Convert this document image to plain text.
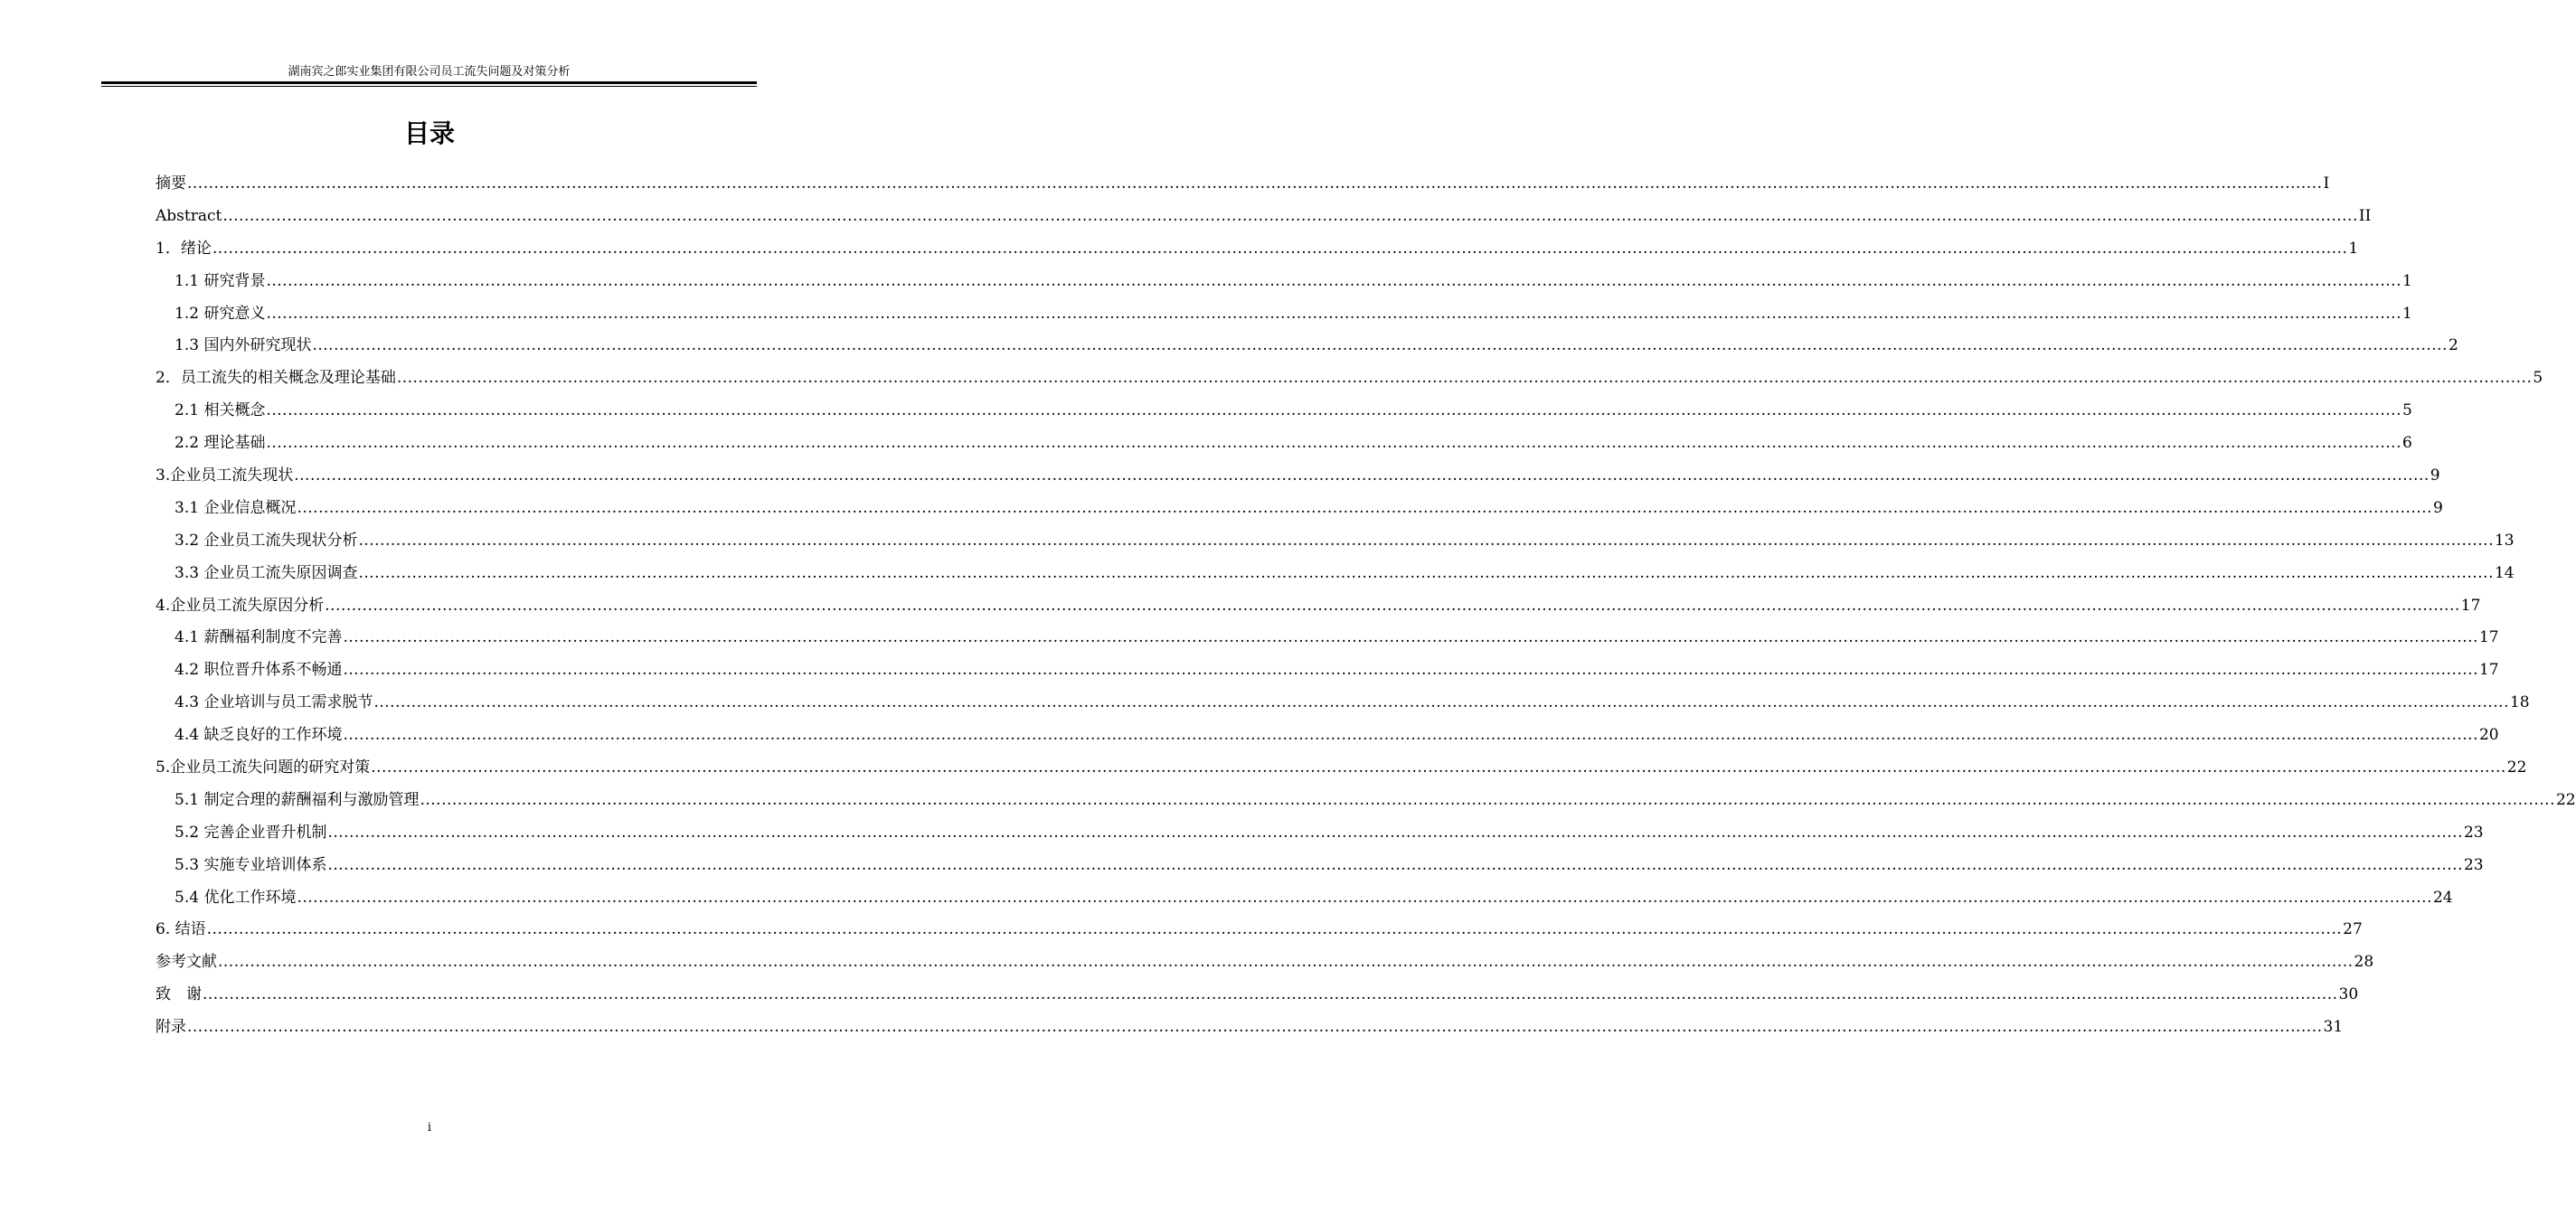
湖南宾之郎实业集团有限公司员工流失问题及对策分析
目录
摘要 ................................................................................................................................................................................................................................................................................................................................................................................................................ I
Abstract ................................................................................................................................................................................................................................................................................................................................................................................................................ II
1．绪论 ................................................................................................................................................................................................................................................................................................................................................................................................................ 1
1.1 研究背景 ................................................................................................................................................................................................................................................................................................................................................................................................................ 1
1.2 研究意义 ................................................................................................................................................................................................................................................................................................................................................................................................................ 1
1.3 国内外研究现状 ................................................................................................................................................................................................................................................................................................................................................................................................................ 2
2．员工流失的相关概念及理论基础 ................................................................................................................................................................................................................................................................................................................................................................................................................ 5
2.1 相关概念 ................................................................................................................................................................................................................................................................................................................................................................................................................ 5
2.2 理论基础 ................................................................................................................................................................................................................................................................................................................................................................................................................ 6
3.企业员工流失现状 ................................................................................................................................................................................................................................................................................................................................................................................................................ 9
3.1 企业信息概况 ................................................................................................................................................................................................................................................................................................................................................................................................................ 9
3.2 企业员工流失现状分析 ................................................................................................................................................................................................................................................................................................................................................................................................................ 13
3.3 企业员工流失原因调查 ................................................................................................................................................................................................................................................................................................................................................................................................................ 14
4.企业员工流失原因分析 ................................................................................................................................................................................................................................................................................................................................................................................................................ 17
4.1 薪酬福利制度不完善 ................................................................................................................................................................................................................................................................................................................................................................................................................ 17
4.2 职位晋升体系不畅通 ................................................................................................................................................................................................................................................................................................................................................................................................................ 17
4.3 企业培训与员工需求脱节 ................................................................................................................................................................................................................................................................................................................................................................................................................ 18
4.4 缺乏良好的工作环境 ................................................................................................................................................................................................................................................................................................................................................................................................................ 20
5.企业员工流失问题的研究对策 ................................................................................................................................................................................................................................................................................................................................................................................................................ 22
5.1 制定合理的薪酬福利与激励管理 ................................................................................................................................................................................................................................................................................................................................................................................................................ 22
5.2 完善企业晋升机制 ................................................................................................................................................................................................................................................................................................................................................................................................................ 23
5.3 实施专业培训体系 ................................................................................................................................................................................................................................................................................................................................................................................................................ 23
5.4 优化工作环境 ................................................................................................................................................................................................................................................................................................................................................................................................................ 24
6. 结语 ................................................................................................................................................................................................................................................................................................................................................................................................................ 27
参考文献 ................................................................................................................................................................................................................................................................................................................................................................................................................ 28
致　谢 ................................................................................................................................................................................................................................................................................................................................................................................................................ 30
附录 ................................................................................................................................................................................................................................................................................................................................................................................................................ 31
i
